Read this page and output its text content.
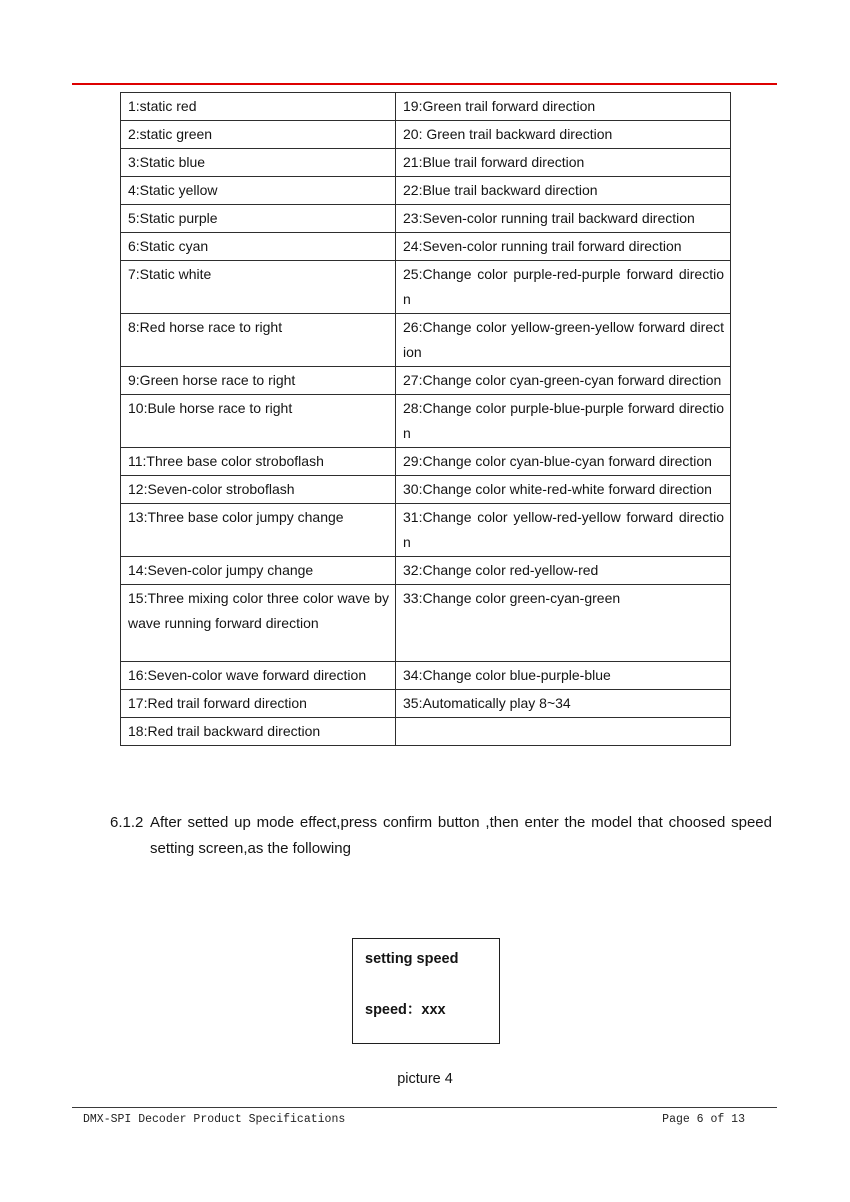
1:static red	19:Green trail forward direction
2:static green	20: Green trail backward direction
3:Static blue	21:Blue trail forward direction
4:Static yellow	22:Blue trail backward direction
5:Static purple	23:Seven-color running trail backward direction
6:Static cyan	24:Seven-color running trail forward direction
7:Static white	25:Change color purple-red-purple forward direction
8:Red horse race to right	26:Change color yellow-green-yellow forward direction
9:Green horse race to right	27:Change color cyan-green-cyan forward direction
10:Bule horse race to right	28:Change color purple-blue-purple forward direction
11:Three base color stroboflash	29:Change color cyan-blue-cyan forward direction
12:Seven-color stroboflash	30:Change color white-red-white forward direction
13:Three base color jumpy change	31:Change color yellow-red-yellow forward direction
14:Seven-color jumpy change	32:Change color red-yellow-red
15:Three mixing color three color wave by wave running forward direction	33:Change color green-cyan-green
16:Seven-color wave forward direction	34:Change color blue-purple-blue
17:Red trail forward direction	35:Automatically play 8~34
18:Red trail backward direction	
6.1.2 After setted up mode effect,press confirm button ,then enter the model that choosed speed setting screen,as the following
setting speed
speed：xxx
picture 4
DMX-SPI Decoder Product Specifications	Page 6 of 13
